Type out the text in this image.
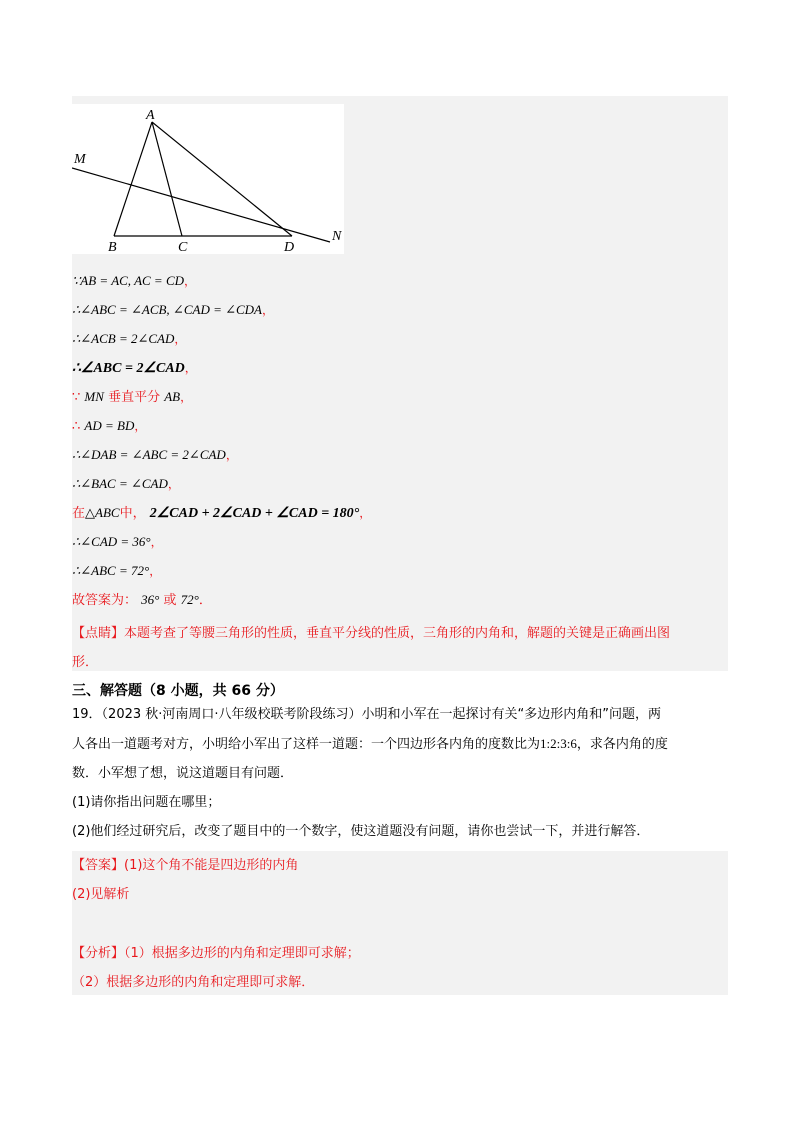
A
M
B	C	D
N
∵AB = AC, AC = CD，
∴∠ABC = ∠ACB, ∠CAD = ∠CDA，
∴∠ACB = 2∠CAD，
∴∠ABC = 2∠CAD，
∵ MN 垂直平分 AB，
∴ AD = BD，
∴∠DAB = ∠ABC = 2∠CAD，
∴∠BAC = ∠CAD，
在△ABC中， 2∠CAD + 2∠CAD + ∠CAD = 180°，
∴∠CAD = 36°，
∴∠ABC = 72°，
故答案为： 36° 或 72°．
【点睛】本题考查了等腰三角形的性质，垂直平分线的性质，三角形的内角和，解题的关键是正确画出图
形．
三、解答题（8 小题，共 66 分）
19．（2023 秋·河南周口·八年级校联考阶段练习）小明和小军在一起探讨有关“多边形内角和”问题，两
人各出一道题考对方，小明给小军出了这样一道题：一个四边形各内角的度数比为1:2:3:6，求各内角的度
数．小军想了想，说这道题目有问题．
(1)请你指出问题在哪里；
(2)他们经过研究后，改变了题目中的一个数字，使这道题没有问题，请你也尝试一下，并进行解答．
【答案】(1)这个角不能是四边形的内角
(2)见解析
【分析】（1）根据多边形的内角和定理即可求解；
（2）根据多边形的内角和定理即可求解．
